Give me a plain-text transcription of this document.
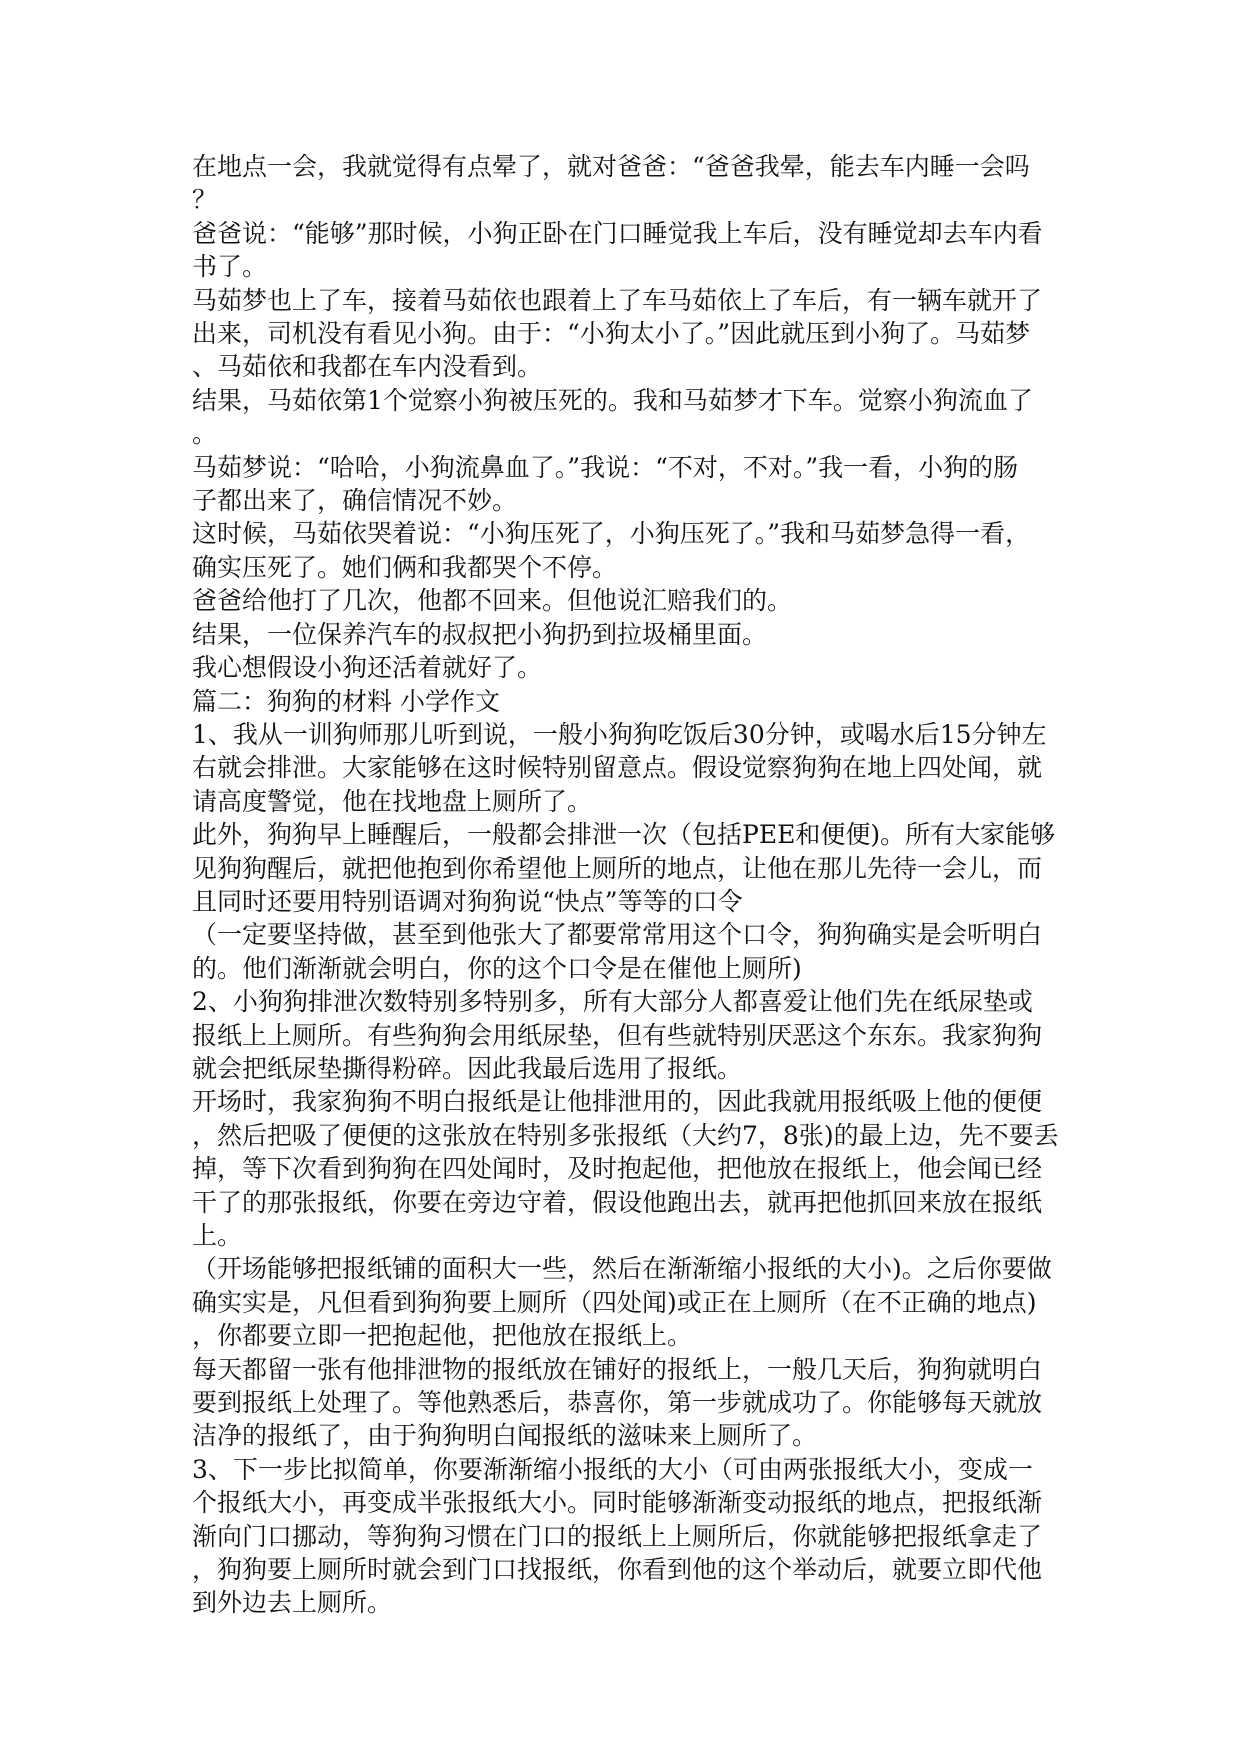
在地点一会，我就觉得有点晕了，就对爸爸：“爸爸我晕，能去车内睡一会吗
？
爸爸说：“能够”那时候，小狗正卧在门口睡觉我上车后，没有睡觉却去车内看
书了。
马茹梦也上了车，接着马茹依也跟着上了车马茹依上了车后，有一辆车就开了
出来，司机没有看见小狗。由于：“小狗太小了。”因此就压到小狗了。马茹梦
、马茹依和我都在车内没看到。
结果，马茹依第1个觉察小狗被压死的。我和马茹梦才下车。觉察小狗流血了
。
马茹梦说：“哈哈，小狗流鼻血了。”我说：“不对，不对。”我一看，小狗的肠
子都出来了，确信情况不妙。
这时候，马茹依哭着说：“小狗压死了，小狗压死了。”我和马茹梦急得一看，
确实压死了。她们俩和我都哭个不停。
爸爸给他打了几次，他都不回来。但他说汇赔我们的。
结果，一位保养汽车的叔叔把小狗扔到拉圾桶里面。
我心想假设小狗还活着就好了。
篇二：狗狗的材料 小学作文
1、我从一训狗师那儿听到说，一般小狗狗吃饭后30分钟，或喝水后15分钟左
右就会排泄。大家能够在这时候特别留意点。假设觉察狗狗在地上四处闻，就
请高度警觉，他在找地盘上厕所了。
此外，狗狗早上睡醒后，一般都会排泄一次（包括PEE和便便)。所有大家能够
见狗狗醒后，就把他抱到你希望他上厕所的地点，让他在那儿先待一会儿，而
且同时还要用特别语调对狗狗说“快点”等等的口令
（一定要坚持做，甚至到他张大了都要常常用这个口令，狗狗确实是会听明白
的。他们渐渐就会明白，你的这个口令是在催他上厕所)
2、小狗狗排泄次数特别多特别多，所有大部分人都喜爱让他们先在纸尿垫或
报纸上上厕所。有些狗狗会用纸尿垫，但有些就特别厌恶这个东东。我家狗狗
就会把纸尿垫撕得粉碎。因此我最后选用了报纸。
开场时，我家狗狗不明白报纸是让他排泄用的，因此我就用报纸吸上他的便便
，然后把吸了便便的这张放在特别多张报纸（大约7，8张)的最上边，先不要丢
掉，等下次看到狗狗在四处闻时，及时抱起他，把他放在报纸上，他会闻已经
干了的那张报纸，你要在旁边守着，假设他跑出去，就再把他抓回来放在报纸
上。
（开场能够把报纸铺的面积大一些，然后在渐渐缩小报纸的大小)。之后你要做
确实实是，凡但看到狗狗要上厕所（四处闻)或正在上厕所（在不正确的地点)
，你都要立即一把抱起他，把他放在报纸上。
每天都留一张有他排泄物的报纸放在铺好的报纸上，一般几天后，狗狗就明白
要到报纸上处理了。等他熟悉后，恭喜你，第一步就成功了。你能够每天就放
洁净的报纸了，由于狗狗明白闻报纸的滋味来上厕所了。
3、下一步比拟简单，你要渐渐缩小报纸的大小（可由两张报纸大小，变成一
个报纸大小，再变成半张报纸大小。同时能够渐渐变动报纸的地点，把报纸渐
渐向门口挪动，等狗狗习惯在门口的报纸上上厕所后，你就能够把报纸拿走了
，狗狗要上厕所时就会到门口找报纸，你看到他的这个举动后，就要立即代他
到外边去上厕所。
